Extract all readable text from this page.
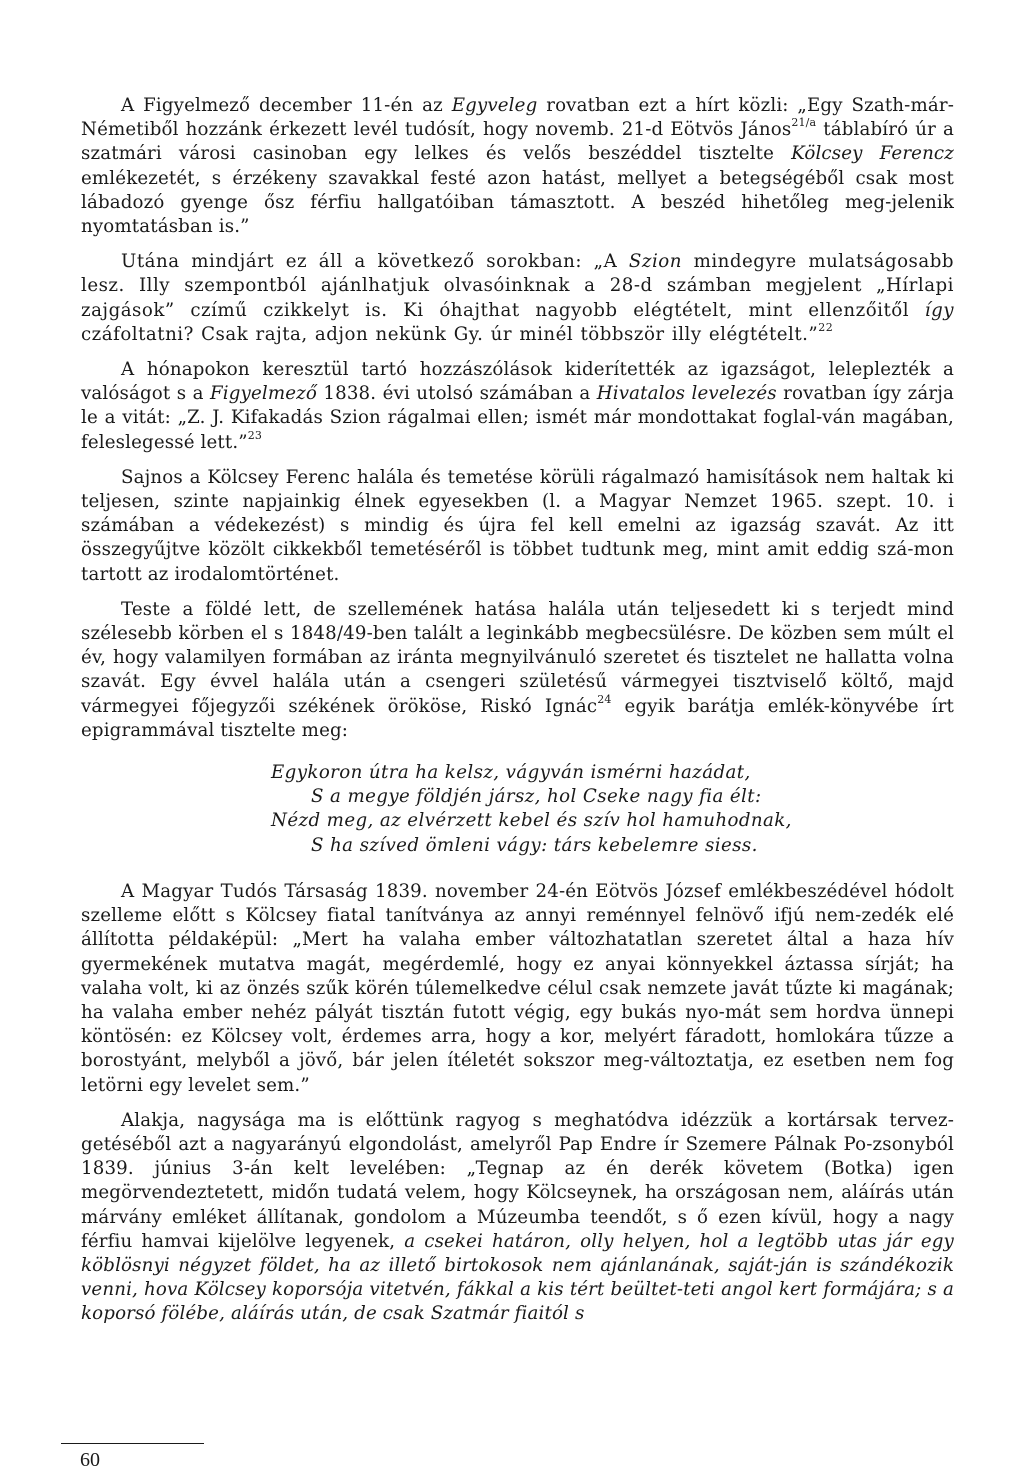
A Figyelmező december 11-én az Egyveleg rovatban ezt a hírt közli: „Egy Szath-már-Németiből hozzánk érkezett levél tudósít, hogy novemb. 21-d Eötvös János$^{21/a}$ táblabíró úr a szatmári városi casinoban egy lelkes és velős beszéddel tisztelte Kölcsey Ferencz emlékezetét, s érzékeny szavakkal festé azon hatást, mellyet a betegségéből csak most lábadozó gyenge ősz férfiu hallgatóiban támasztott. A beszéd hihetőleg meg-jelenik nyomtatásban is.”

Utána mindjárt ez áll a következő sorokban: „A Szion mindegyre mulatságosabb lesz. Illy szempontból ajánlhatjuk olvasóinknak a 28-d számban megjelent „Hírlapi zajgások” czímű czikkelyt is. Ki óhajthat nagyobb elégtételt, mint ellenzőitől így czáfoltatni? Csak rajta, adjon nekünk Gy. úr minél többször illy elégtételt.”$^{22}$

A hónapokon keresztül tartó hozzászólások kiderítették az igazságot, leleplezték a valóságot s a Figyelmező 1838. évi utolsó számában a Hivatalos levelezés rovatban így zárja le a vitát: „Z. J. Kifakadás Szion rágalmai ellen; ismét már mondottakat foglal-ván magában, feleslegessé lett.”$^{23}$

Sajnos a Kölcsey Ferenc halála és temetése körüli rágalmazó hamisítások nem haltak ki teljesen, szinte napjainkig élnek egyesekben (l. a Magyar Nemzet 1965. szept. 10. i számában a védekezést) s mindig és újra fel kell emelni az igazság szavát. Az itt összegyűjtve közölt cikkekből temetéséről is többet tudtunk meg, mint amit eddig szá-mon tartott az irodalomtörténet.

Teste a földé lett, de szellemének hatása halála után teljesedett ki s terjedt mind szélesebb körben el s 1848/49-ben talált a leginkább megbecsülésre. De közben sem múlt el év, hogy valamilyen formában az iránta megnyilvánuló szeretet és tisztelet ne hallatta volna szavát. Egy évvel halála után a csengeri születésű vármegyei tisztviselő költő, majd vármegyei főjegyzői székének örököse, Riskó Ignác$^{24}$ egyik barátja emlék-könyvébe írt epigrammával tisztelte meg:

Egykoron útra ha kelsz, vágyván ismérni hazádat,
S a megye földjén jársz, hol Cseke nagy fia élt:
Nézd meg, az elvérzett kebel és szív hol hamuhodnak,
S ha szíved ömleni vágy: társ kebelemre siess.

A Magyar Tudós Társaság 1839. november 24-én Eötvös József emlékbeszédével hódolt szelleme előtt s Kölcsey fiatal tanítványa az annyi reménnyel felnövő ifjú nem-zedék elé állította példaképül: „Mert ha valaha ember változhatatlan szeretet által a haza hív gyermekének mutatva magát, megérdemlé, hogy ez anyai könnyekkel áztassa sírját; ha valaha volt, ki az önzés szűk körén túlemelkedve célul csak nemzete javát tűzte ki magának; ha valaha ember nehéz pályát tisztán futott végig, egy bukás nyo-mát sem hordva ünnepi köntösén: ez Kölcsey volt, érdemes arra, hogy a kor, melyért fáradott, homlokára tűzze a borostyánt, melyből a jövő, bár jelen ítéletét sokszor meg-változtatja, ez esetben nem fog letörni egy levelet sem.”

Alakja, nagysága ma is előttünk ragyog s meghatódva idézzük a kortársak tervez-getéséből azt a nagyarányú elgondolást, amelyről Pap Endre ír Szemere Pálnak Po-zsonyból 1839. június 3-án kelt levelében: „Tegnap az én derék követem (Botka) igen megörvendeztetett, midőn tudatá velem, hogy Kölcseynek, ha országosan nem, aláírás után márvány emléket állítanak, gondolom a Múzeumba teendőt, s ő ezen kívül, hogy a nagy férfiu hamvai kijelölve legyenek, a csekei határon, olly helyen, hol a legtöbb utas jár egy köblösnyi négyzet földet, ha az illető birtokosok nem ajánlanának, saját-ján is szándékozik venni, hova Kölcsey koporsója vitetvén, fákkal a kis tért beültet-teti angol kert formájára; s a koporsó fölébe, aláírás után, de csak Szatmár fiaitól s

60
